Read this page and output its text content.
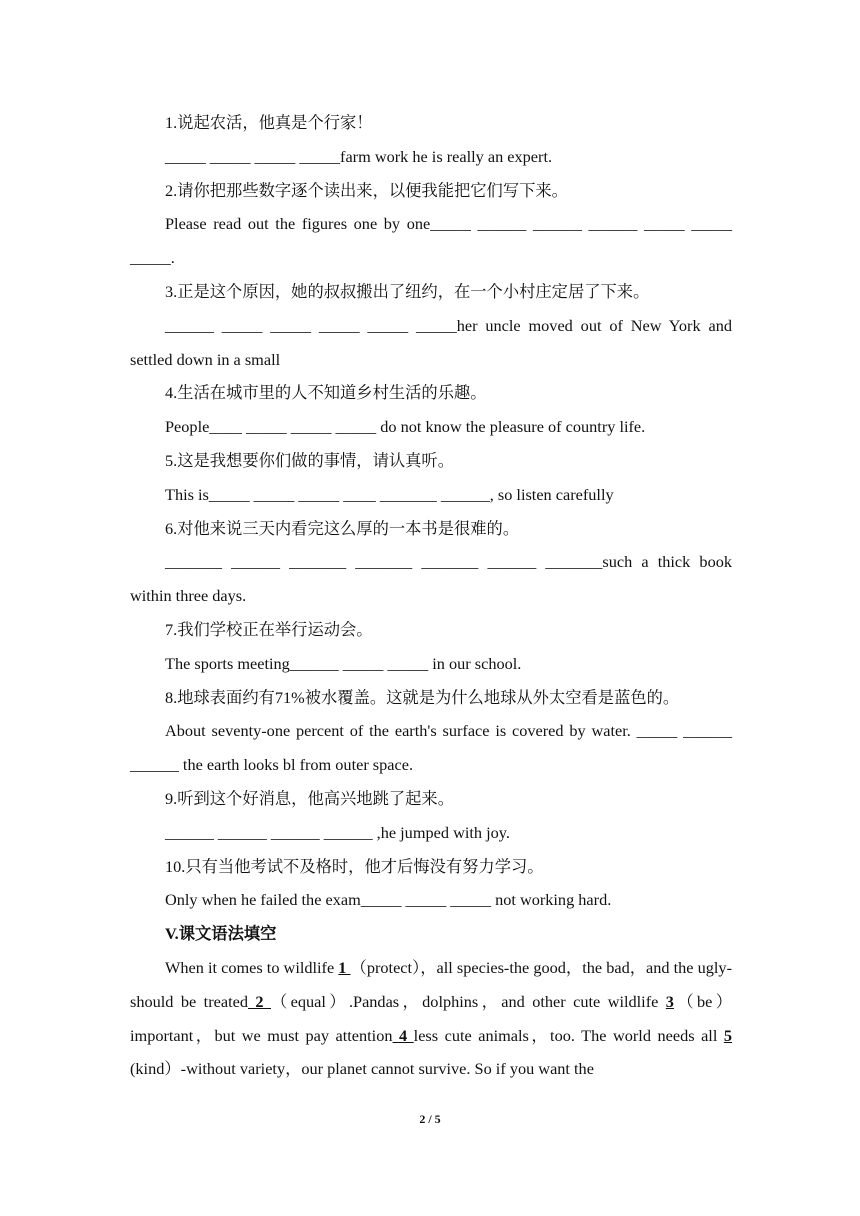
1.说起农活，他真是个行家！

_____ _____ _____ _____farm work he is really an expert.

2.请你把那些数字逐个读出来，以便我能把它们写下来。

Please read out the figures one by one_____ ______ ______ ______ _____ _____ _____.

3.正是这个原因，她的叔叔搬出了纽约，在一个小村庄定居了下来。

______ _____ _____ _____ _____ _____her uncle moved out of New York and settled down in a small

4.生活在城市里的人不知道乡村生活的乐趣。

People____ _____ _____ _____ do not know the pleasure of country life.

5.这是我想要你们做的事情，请认真听。

This is_____ _____ _____ ____ _______ ______, so listen carefully

6.对他来说三天内看完这么厚的一本书是很难的。

_______ ______ _______ _______ _______ ______ _______such a thick book within three days.

7.我们学校正在举行运动会。

The sports meeting______ _____ _____ in our school.

8.地球表面约有71%被水覆盖。这就是为什么地球从外太空看是蓝色的。

About seventy-one percent of the earth's surface is covered by water. _____ ______ ______ the earth looks bl from outer space.

9.听到这个好消息，他高兴地跳了起来。

______ ______ ______ ______ ,he jumped with joy.

10.只有当他考试不及格时，他才后悔没有努力学习。

Only when he failed the exam_____ _____ _____ not working hard.

V.课文语法填空

When it comes to wildlife 1 （protect），all species-the good，the bad，and the ugly-should be treated 2 （equal）.Pandas，dolphins，and other cute wildlife 3（be）important，but we must pay attention 4 less cute animals，too. The world needs all 5 (kind）-without variety，our planet cannot survive. So if you want the

2 / 5
